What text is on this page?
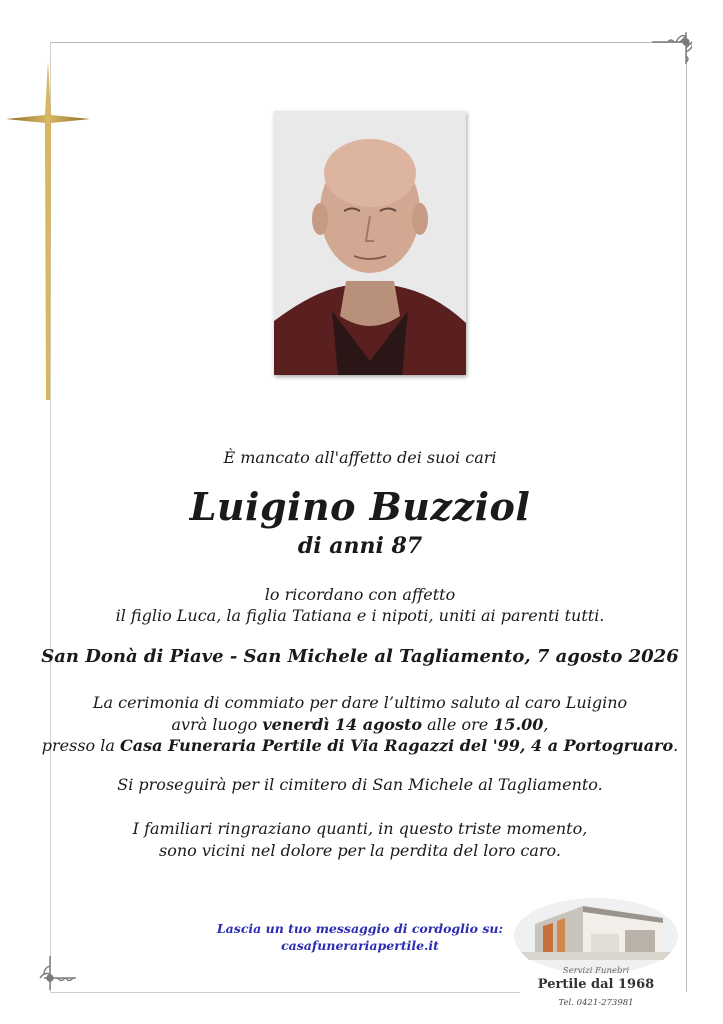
È mancato all'affetto dei suoi cari
Luigino Buzziol
di anni 87
lo ricordano con affetto
il figlio Luca, la figlia Tatiana e i nipoti, uniti ai parenti tutti.
San Donà di Piave - San Michele al Tagliamento, 7 agosto 2026
La cerimonia di commiato per dare l’ultimo saluto al caro Luigino
avrà luogo venerdì 14 agosto alle ore 15.00,
presso la Casa Funeraria Pertile di Via Ragazzi del '99, 4 a Portogruaro.
Si proseguirà per il cimitero di San Michele al Tagliamento.
I familiari ringraziano quanti, in questo triste momento,
sono vicini nel dolore per la perdita del loro caro.
Lascia un tuo messaggio di cordoglio su:
casafunerariapertile.it
Servizi Funebri
Pertile dal 1968
Tel. 0421-273981
